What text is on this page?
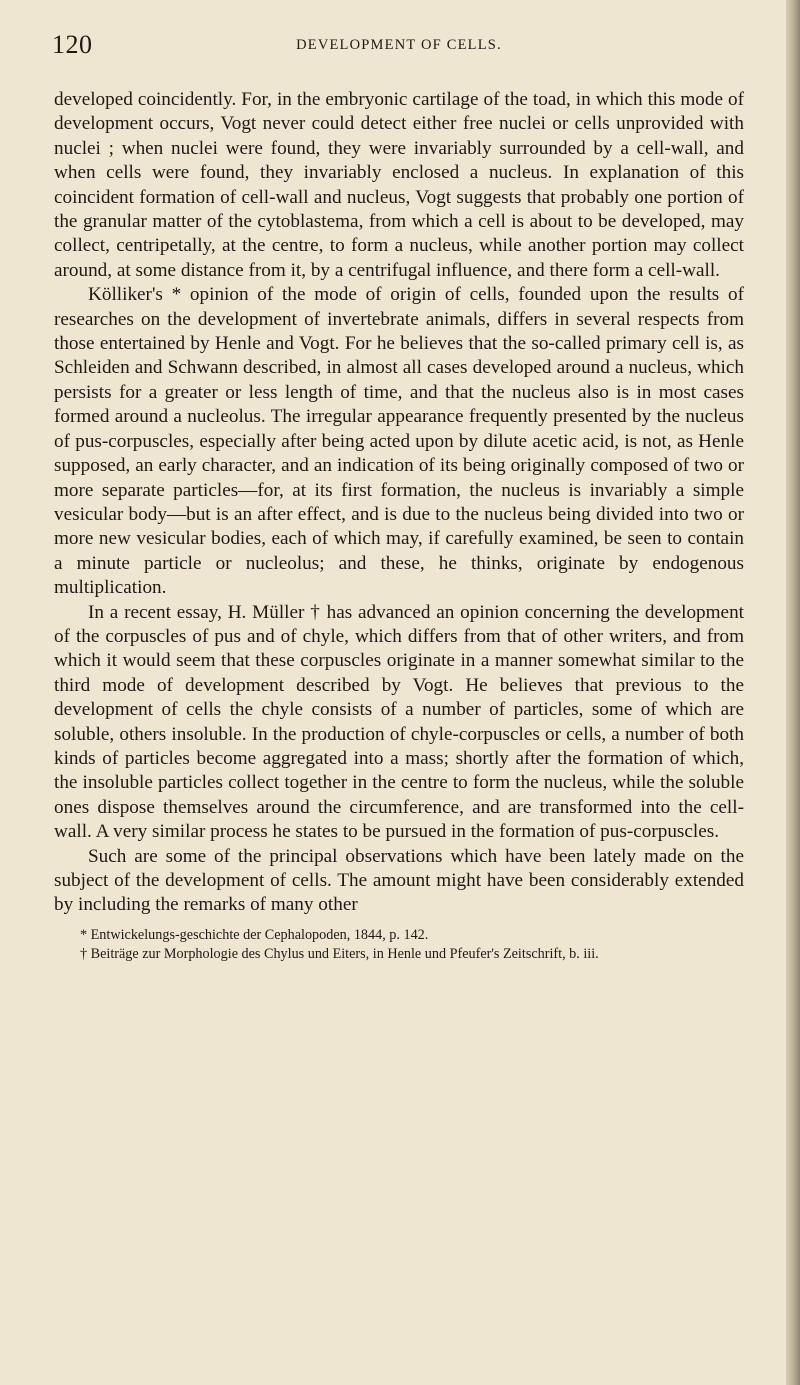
120	DEVELOPMENT OF CELLS.

developed coincidently. For, in the embryonic cartilage of the toad, in which this mode of development occurs, Vogt never could detect either free nuclei or cells unprovided with nuclei ; when nuclei were found, they were invariably surrounded by a cell-wall, and when cells were found, they invariably enclosed a nucleus. In explanation of this coincident formation of cell-wall and nucleus, Vogt suggests that probably one portion of the granular matter of the cytoblastema, from which a cell is about to be developed, may collect, centripetally, at the centre, to form a nucleus, while another portion may collect around, at some distance from it, by a centrifugal influence, and there form a cell-wall.

Kölliker's * opinion of the mode of origin of cells, founded upon the results of researches on the development of invertebrate animals, differs in several respects from those entertained by Henle and Vogt. For he believes that the so-called primary cell is, as Schleiden and Schwann described, in almost all cases developed around a nucleus, which persists for a greater or less length of time, and that the nucleus also is in most cases formed around a nucleolus. The irregular appearance frequently presented by the nucleus of pus-corpuscles, especially after being acted upon by dilute acetic acid, is not, as Henle supposed, an early character, and an indication of its being originally composed of two or more separate particles—for, at its first formation, the nucleus is invariably a simple vesicular body—but is an after effect, and is due to the nucleus being divided into two or more new vesicular bodies, each of which may, if carefully examined, be seen to contain a minute particle or nucleolus; and these, he thinks, originate by endogenous multiplication.

In a recent essay, H. Müller † has advanced an opinion concerning the development of the corpuscles of pus and of chyle, which differs from that of other writers, and from which it would seem that these corpuscles originate in a manner somewhat similar to the third mode of development described by Vogt. He believes that previous to the development of cells the chyle consists of a number of particles, some of which are soluble, others insoluble. In the production of chyle-corpuscles or cells, a number of both kinds of particles become aggregated into a mass; shortly after the formation of which, the insoluble particles collect together in the centre to form the nucleus, while the soluble ones dispose themselves around the circumference, and are transformed into the cell-wall. A very similar process he states to be pursued in the formation of pus-corpuscles.

Such are some of the principal observations which have been lately made on the subject of the development of cells. The amount might have been considerably extended by including the remarks of many other

* Entwickelungs-geschichte der Cephalopoden, 1844, p. 142.

† Beiträge zur Morphologie des Chylus und Eiters, in Henle und Pfeufer's Zeitschrift, b. iii.
